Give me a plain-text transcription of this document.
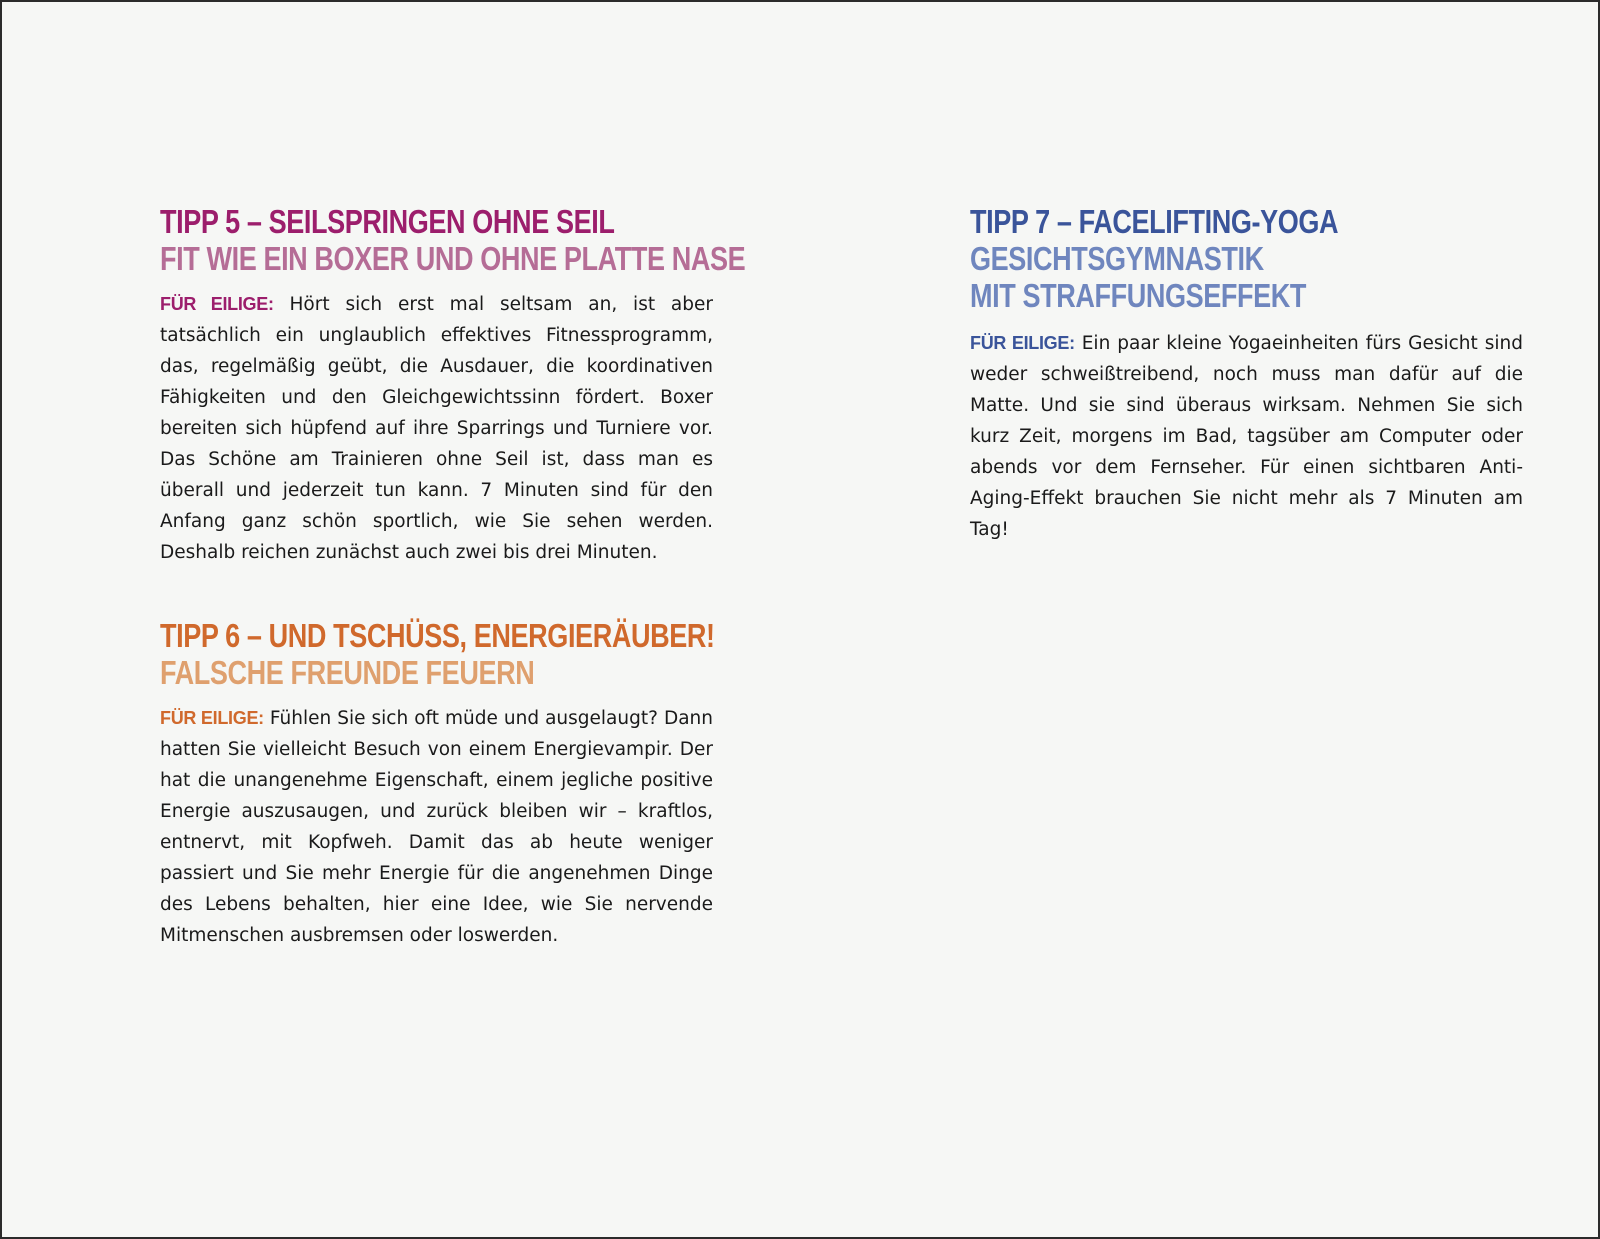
TIPP 5 – SEILSPRINGEN OHNE SEIL
FIT WIE EIN BOXER UND OHNE PLATTE NASE

FÜR EILIGE: Hört sich erst mal seltsam an, ist aber tatsächlich ein unglaublich effektives Fitnessprogramm, das, regelmäßig geübt, die Ausdauer, die koordinativen Fähigkeiten und den Gleichgewichtssinn fördert. Boxer bereiten sich hüpfend auf ihre Sparrings und Turniere vor. Das Schöne am Trainieren ohne Seil ist, dass man es überall und jederzeit tun kann. 7 Minuten sind für den Anfang ganz schön sportlich, wie Sie sehen werden. Deshalb reichen zunächst auch zwei bis drei Minuten.

TIPP 6 – UND TSCHÜSS, ENERGIERÄUBER!
FALSCHE FREUNDE FEUERN

FÜR EILIGE: Fühlen Sie sich oft müde und ausgelaugt? Dann hatten Sie vielleicht Besuch von einem Energievampir. Der hat die unangenehme Eigenschaft, einem jegliche positive Energie auszusaugen, und zurück bleiben wir – kraftlos, entnervt, mit Kopfweh. Damit das ab heute weniger passiert und Sie mehr Energie für die angenehmen Dinge des Lebens behalten, hier eine Idee, wie Sie nervende Mitmenschen ausbremsen oder loswerden.

TIPP 7 – FACELIFTING-YOGA
GESICHTSGYMNASTIK
MIT STRAFFUNGSEFFEKT

FÜR EILIGE: Ein paar kleine Yogaeinheiten fürs Gesicht sind weder schweißtreibend, noch muss man dafür auf die Matte. Und sie sind überaus wirksam. Nehmen Sie sich kurz Zeit, morgens im Bad, tagsüber am Computer oder abends vor dem Fernseher. Für einen sichtbaren Anti-Aging-Effekt brauchen Sie nicht mehr als 7 Minuten am Tag!
